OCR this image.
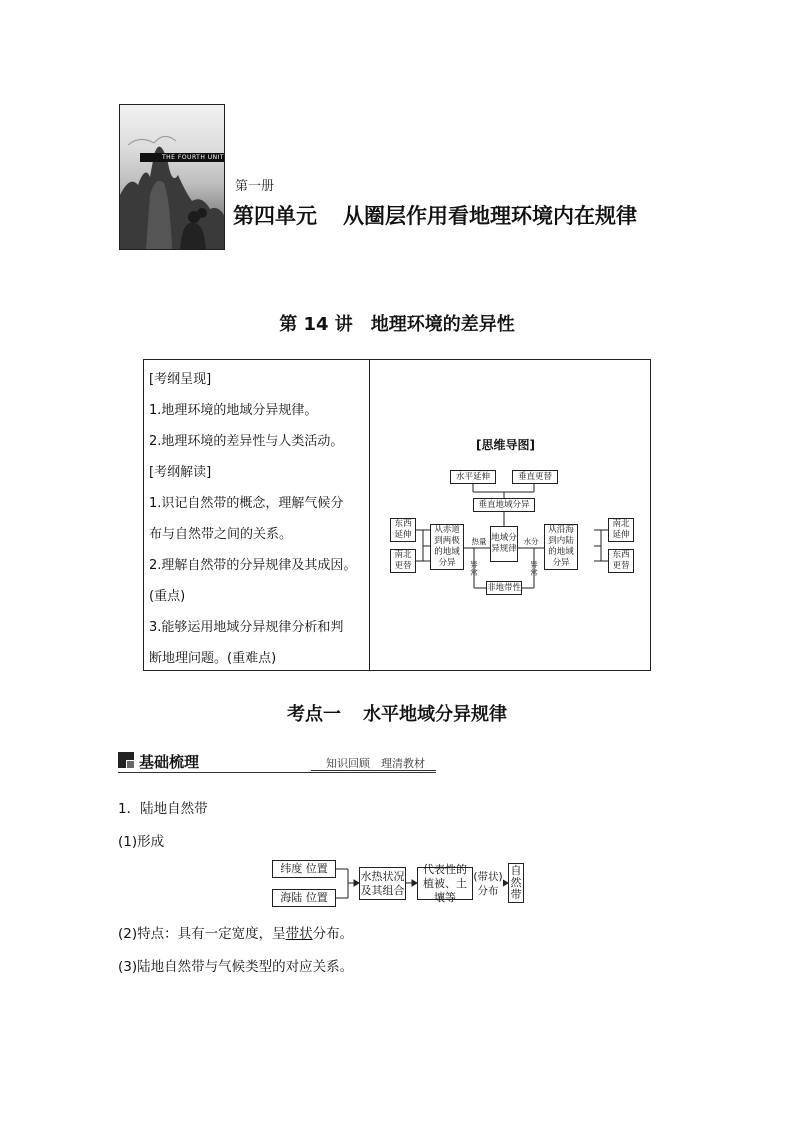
THE FOURTH UNIT
第一册
第四单元 从圈层作用看地理环境内在规律
第 14 讲　地理环境的差异性
[考纲呈现]
1.地理环境的地域分异规律。
2.地理环境的差异性与人类活动。
[考纲解读]
1.识记自然带的概念，理解气候分
布与自然带之间的关系。
2.理解自然带的分异规律及其成因。
(重点)
3.能够运用地域分异规律分析和判
断地理问题。(重难点)
[思维导图]
水平延伸	垂直更替
垂直地域分异
东西延伸
南北更替
从赤道到两极的地域分异
地域分异规律
从沿海到内陆的地域分异
南北延伸
东西更替
非地带性
热量	水分
异常
异常
考点一 水平地域分异规律
基础梳理	知识回顾　理清教材
1．陆地自然带
(1)形成
纬度 位置
海陆 位置
水热状况及其组合
代表性的植被、土壤等
(带状)分布
自然带
(2)特点：具有一定宽度，呈带状分布。
(3)陆地自然带与气候类型的对应关系。
